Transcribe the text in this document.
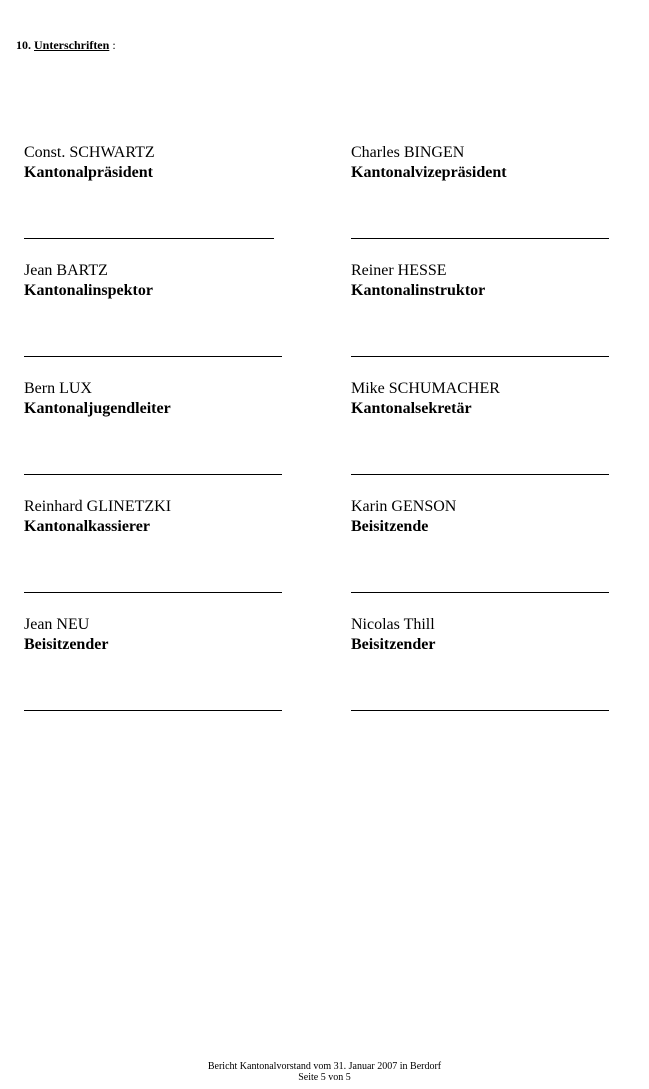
10. Unterschriften :
Const. SCHWARTZ
Kantonalpräsident
Charles BINGEN
Kantonalvizepräsident
Jean BARTZ
Kantonalinspektor
Reiner HESSE
Kantonalinstruktor
Bern LUX
Kantonaljugendleiter
Mike SCHUMACHER
Kantonalsekretär
Reinhard GLINETZKI
Kantonalkassierer
Karin GENSON
Beisitzende
Jean NEU
Beisitzender
Nicolas Thill
Beisitzender
Bericht Kantonalvorstand vom 31. Januar 2007 in Berdorf
Seite 5 von 5
